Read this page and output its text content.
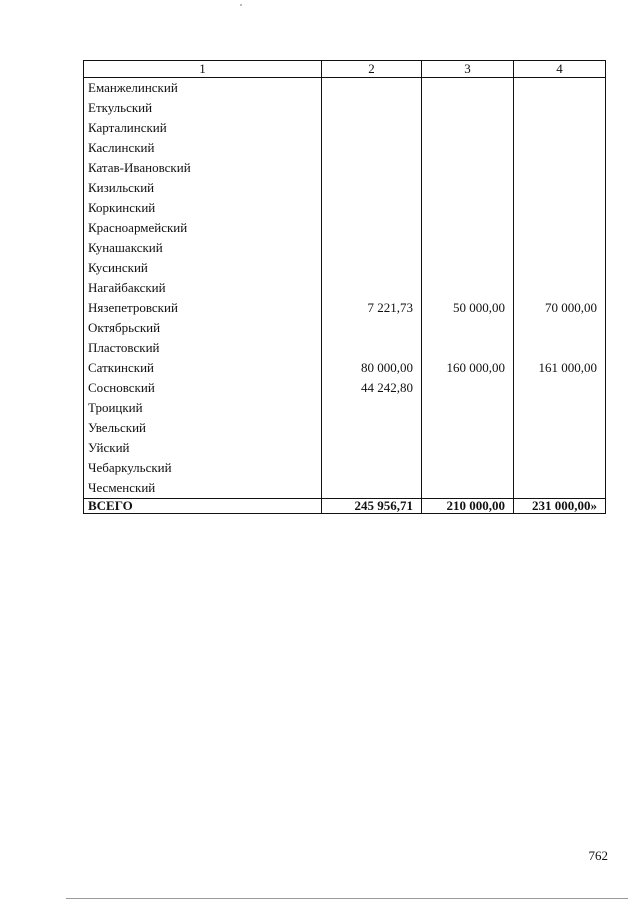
1	2	3	4
Еманжелинский			
Еткульский			
Карталинский			
Каслинский			
Катав-Ивановский			
Кизильский			
Коркинский			
Красноармейский			
Кунашакский			
Кусинский			
Нагайбакский			
Нязепетровский	7 221,73	50 000,00	70 000,00
Октябрьский			
Пластовский			
Саткинский	80 000,00	160 000,00	161 000,00
Сосновский	44 242,80		
Троицкий			
Увельский			
Уйский			
Чебаркульский			
Чесменский			
ВСЕГО	245 956,71	210 000,00	231 000,00»
762
